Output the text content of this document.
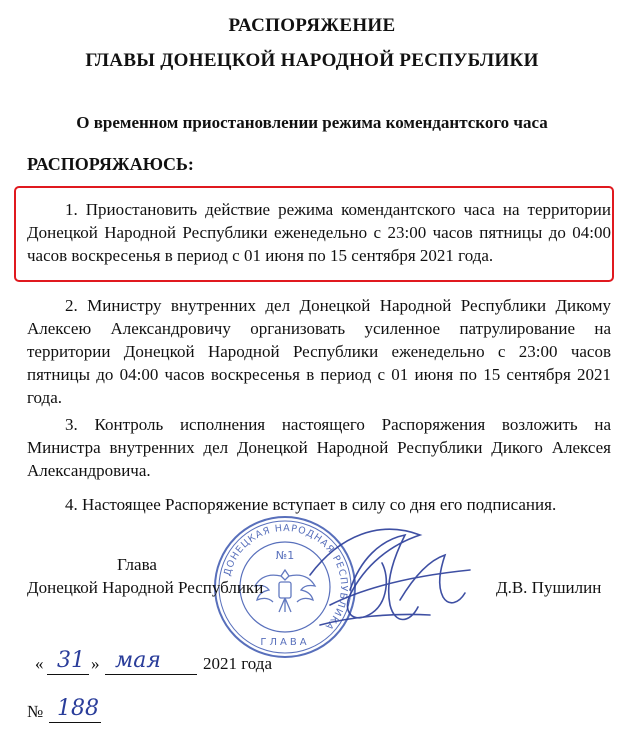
РАСПОРЯЖЕНИЕ
ГЛАВЫ ДОНЕЦКОЙ НАРОДНОЙ РЕСПУБЛИКИ
О временном приостановлении режима комендантского часа
РАСПОРЯЖАЮСЬ:
1. Приостановить действие режима комендантского часа на территории Донецкой Народной Республики еженедельно с 23:00 часов пятницы до 04:00 часов воскресенья в период с 01 июня по 15 сентября 2021 года.
2. Министру внутренних дел Донецкой Народной Республики Дикому Алексею Александровичу организовать усиленное патрулирование на территории Донецкой Народной Республики еженедельно с 23:00 часов пятницы до 04:00 часов воскресенья в период с 01 июня по 15 сентября 2021 года.
3. Контроль исполнения настоящего Распоряжения возложить на Министра внутренних дел Донецкой Народной Республики Дикого Алексея Александровича.
4. Настоящее Распоряжение вступает в силу со дня его подписания.
ДОНЕЦКАЯ НАРОДНАЯ РЕСПУБЛИКА
№1
ГЛАВА
Глава
Донецкой Народной Республики	Д.В. Пушилин
« 31 » мая 2021 года
№ 188
